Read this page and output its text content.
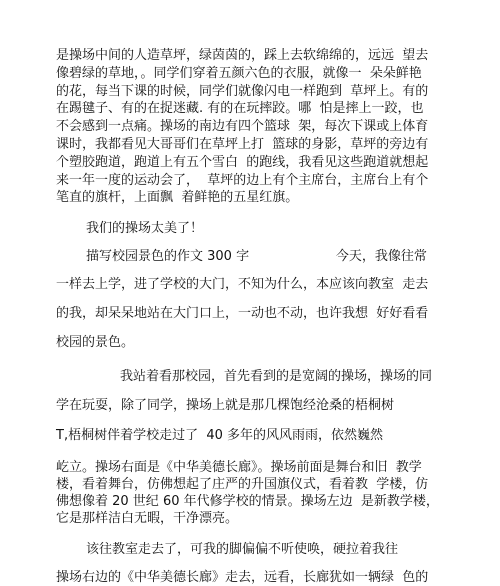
是操场中间的人造草坪，绿茵茵的，踩上去软绵绵的，远远  望去
像碧绿的草地，。同学们穿着五颜六色的衣服，就像一  朵朵鲜艳
的花，每当下课的时候，同学们就像闪电一样跑到  草坪上。有的
在踢毽子、有的在捉迷藏. 有的在玩摔跤。哪  怕是摔上一跤，也
不会感到一点痛。操场的南边有四个篮球  架，每次下课或上体育
课时，我都看见大哥哥们在草坪上打  篮球的身影，草坪的旁边有
个塑胶跑道，跑道上有五个雪白  的跑线，我看见这些跑道就想起
来一年一度的运动会了，  草坪的边上有个主席台，主席台上有个
笔直的旗杆，上面飘  着鲜艳的五星红旗。
我们的操场太美了！
描写校园景色的作文 300 字                     今天，我像往常
一样去上学，进了学校的大门，不知为什么，本应该向教室  走去
的我，却呆呆地站在大门口上，一动也不动，也许我想  好好看看
校园的景色。
我站着看那校园，首先看到的是宽阔的操场，操场的同
学在玩耍，除了同学，操场上就是那几棵饱经沧桑的梧桐树
T,梧桐树伴着学校走过了  40 多年的风风雨雨，依然巍然
屹立。操场右面是《中华美德长廊》。操场前面是舞台和旧  教学
楼，看着舞台，仿佛想起了庄严的升国旗仪式，看着教  学楼，仿
佛想像着 20 世纪 60 年代修学校的情景。操场左边  是新教学楼，
它是那样洁白无暇，干净漂亮。
该往教室走去了，可我的脚偏偏不听使唤，硬拉着我往
操场右边的《中华美德长廊》走去，远看，长廊犹如一辆绿  色的
